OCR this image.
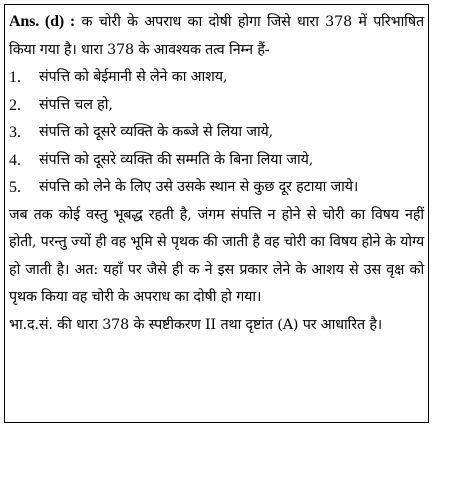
Ans. (d) : क चोरी के अपराध का दोषी होगा जिसे धारा 378 में परिभाषित किया गया है। धारा 378 के आवश्यक तत्व निम्न हैं-

1.	संपत्ति को बेईमानी से लेने का आशय,
2.	संपत्ति चल हो,
3.	संपत्ति को दूसरे व्यक्ति के कब्जे से लिया जाये,
4.	संपत्ति को दूसरे व्यक्ति की सम्मति के बिना लिया जाये,
5.	संपत्ति को लेने के लिए उसे उसके स्थान से कुछ दूर हटाया जाये।

जब तक कोई वस्तु भूबद्ध रहती है, जंगम संपत्ति न होने से चोरी का विषय नहीं होती, परन्तु ज्यों ही वह भूमि से पृथक की जाती है वह चोरी का विषय होने के योग्य हो जाती है। अत: यहाँ पर जैसे ही क ने इस प्रकार लेने के आशय से उस वृक्ष को पृथक किया वह चोरी के अपराध का दोषी हो गया।

भा.द.सं. की धारा 378 के स्पष्टीकरण II तथा दृष्टांत (A) पर आधारित है।
